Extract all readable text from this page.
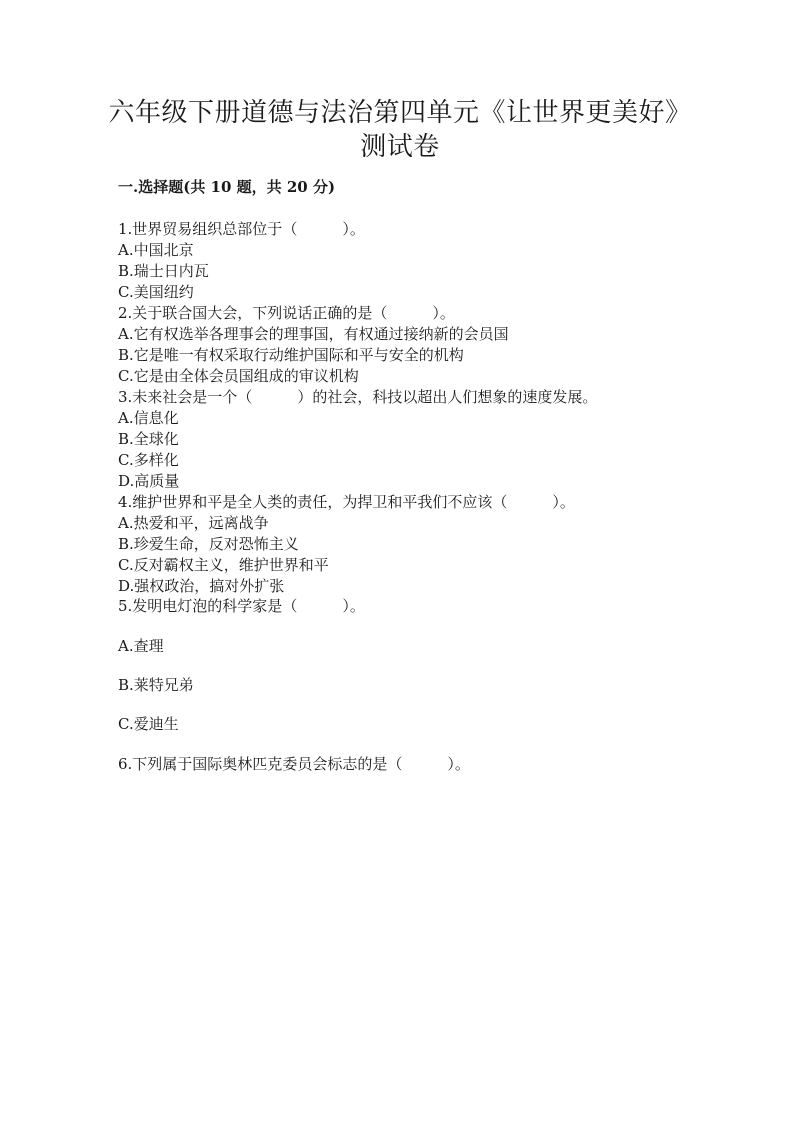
六年级下册道德与法治第四单元《让世界更美好》
测试卷
一.选择题(共 10 题，共 20 分)
1.世界贸易组织总部位于（　　　）。
A.中国北京
B.瑞士日内瓦
C.美国纽约
2.关于联合国大会，下列说话正确的是（　　　）。
A.它有权选举各理事会的理事国，有权通过接纳新的会员国
B.它是唯一有权采取行动维护国际和平与安全的机构
C.它是由全体会员国组成的审议机构
3.未来社会是一个（　　　）的社会，科技以超出人们想象的速度发展。
A.信息化
B.全球化
C.多样化
D.高质量
4.维护世界和平是全人类的责任，为捍卫和平我们不应该（　　　）。
A.热爱和平，远离战争
B.珍爱生命，反对恐怖主义
C.反对霸权主义，维护世界和平
D.强权政治，搞对外扩张
5.发明电灯泡的科学家是（　　　）。
A.查理
B.莱特兄弟
C.爱迪生
6.下列属于国际奥林匹克委员会标志的是（　　　）。
